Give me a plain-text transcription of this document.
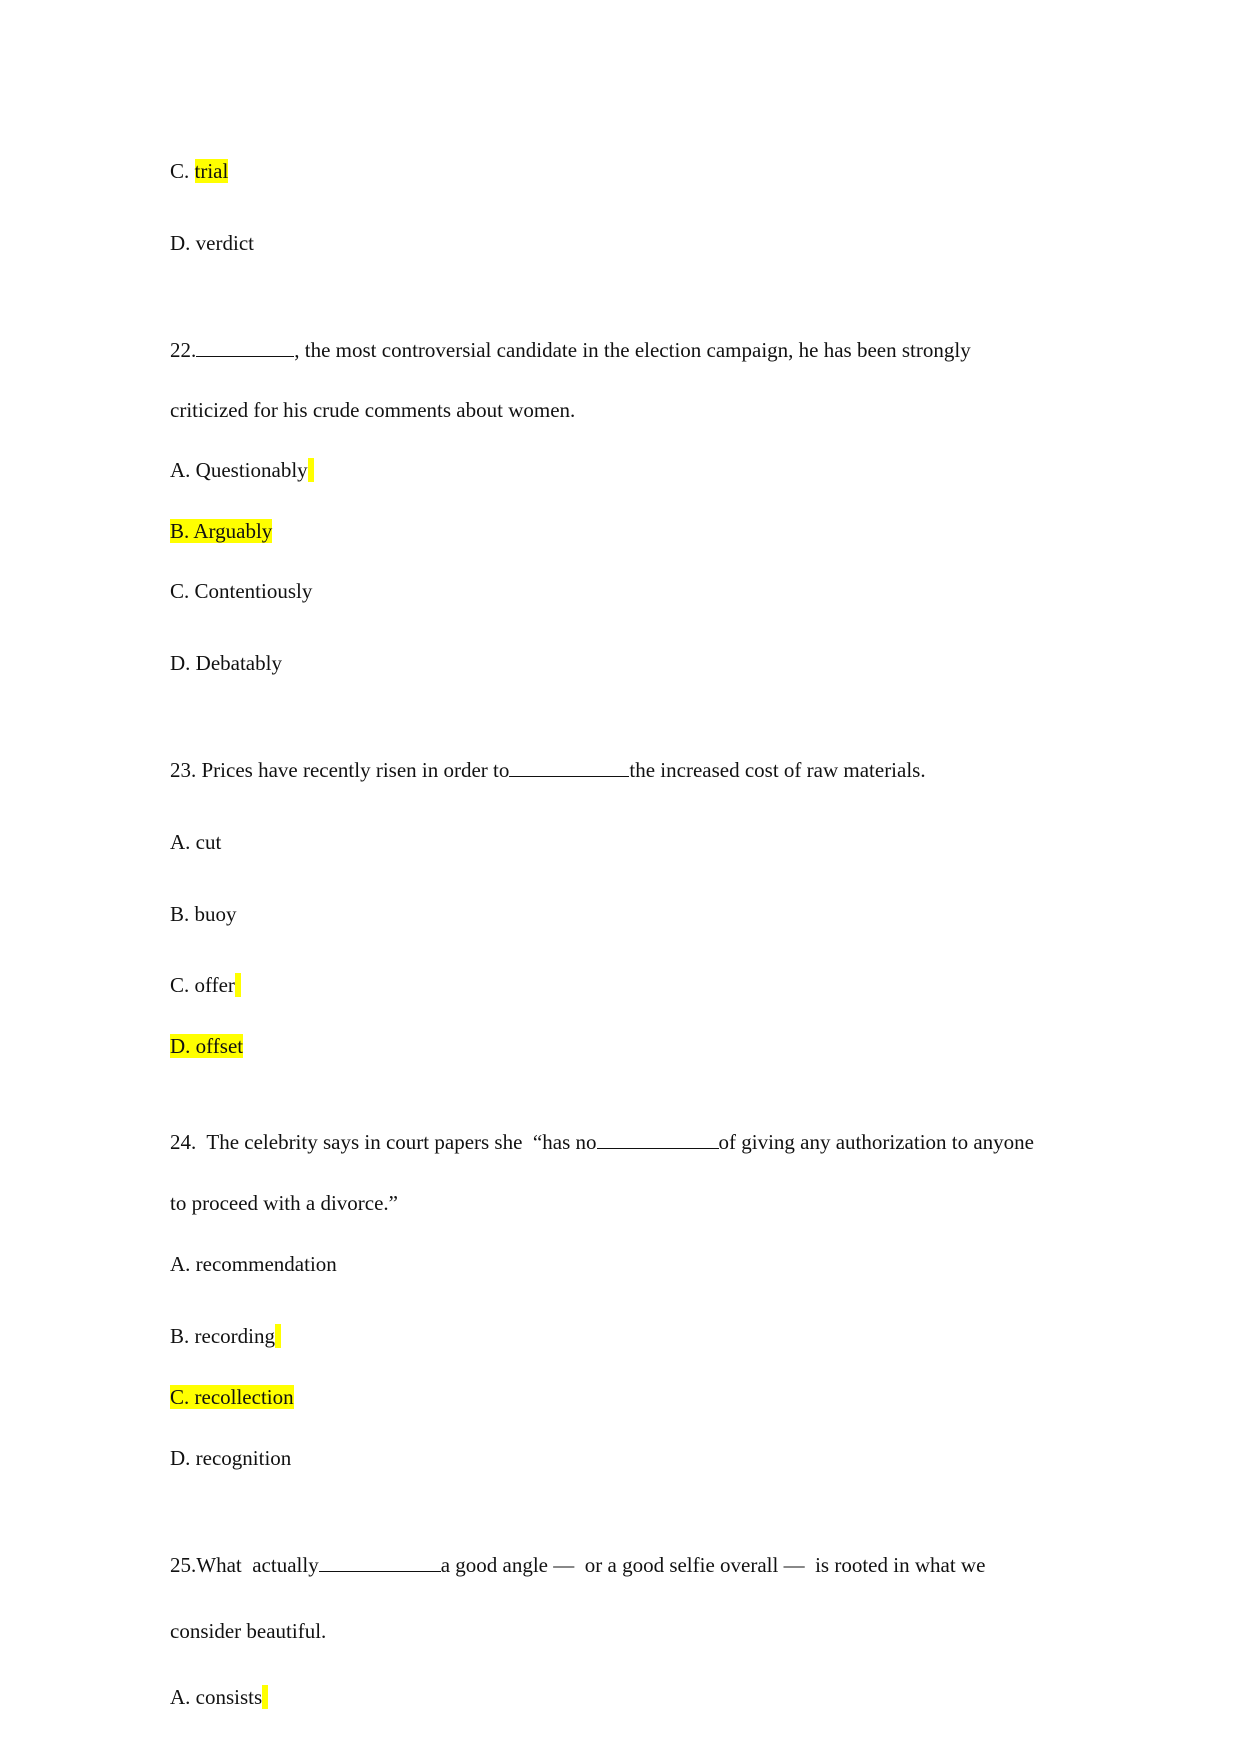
C. trial
D. verdict
22.	, the most controversial candidate in the election campaign, he has been strongly
criticized for his crude comments about women.
A. Questionably
B. Arguably
C. Contentiously
D. Debatably
23. Prices have recently risen in order to	the increased cost of raw materials.
A. cut
B. buoy
C. offer
D. offset
24.  The celebrity says in court papers she  “has no	of giving any authorization to anyone
to proceed with a divorce.”
A. recommendation
B. recording
C. recollection
D. recognition
25.What  actually	a good angle —  or a good selfie overall —  is rooted in what we
consider beautiful.
A. consists
